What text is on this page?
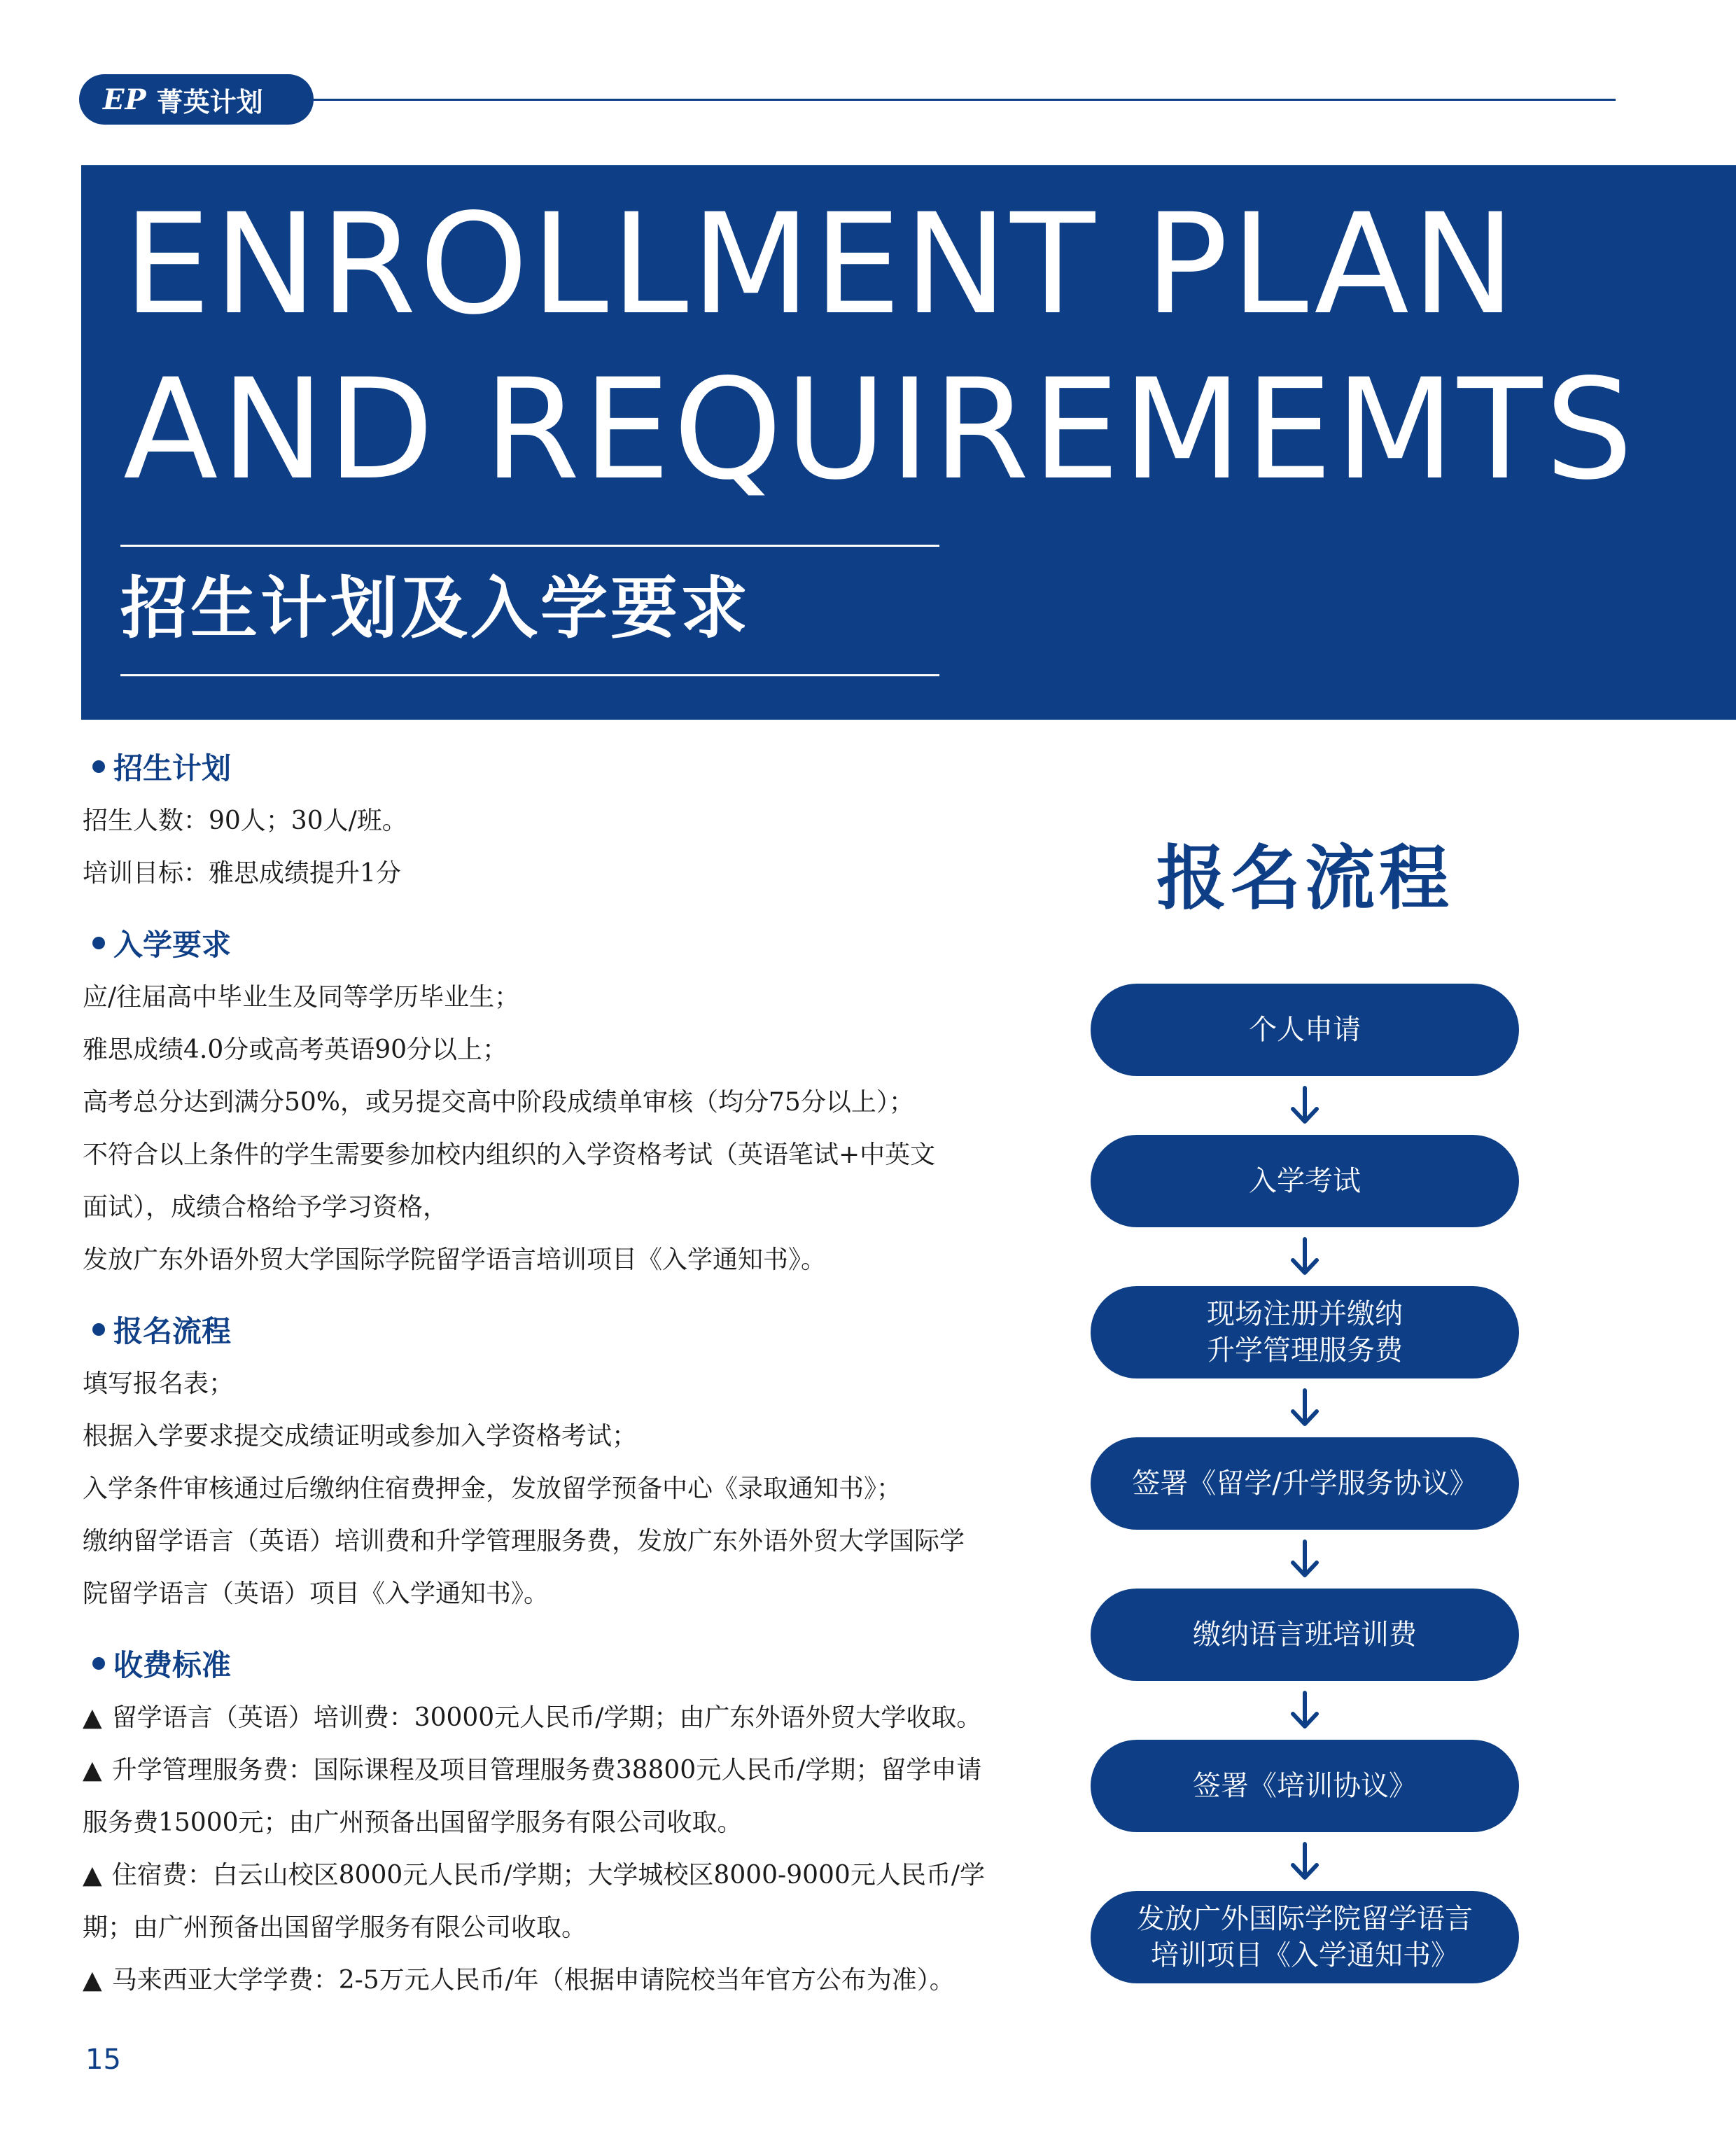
EP 菁英计划
ENROLLMENT PLAN
AND REQUIREMEMTS
招生计划及入学要求
招生计划
招生人数：90人；30人/班。
培训目标：雅思成绩提升1分
入学要求
应/往届高中毕业生及同等学历毕业生；
雅思成绩4.0分或高考英语90分以上；
高考总分达到满分50%，或另提交高中阶段成绩单审核（均分75分以上）；
不符合以上条件的学生需要参加校内组织的入学资格考试（英语笔试+中英文
面试），成绩合格给予学习资格，
发放广东外语外贸大学国际学院留学语言培训项目《入学通知书》。
报名流程
填写报名表；
根据入学要求提交成绩证明或参加入学资格考试；
入学条件审核通过后缴纳住宿费押金，发放留学预备中心《录取通知书》；
缴纳留学语言（英语）培训费和升学管理服务费，发放广东外语外贸大学国际学
院留学语言（英语）项目《入学通知书》。
收费标准
▲ 留学语言（英语）培训费：30000元人民币/学期；由广东外语外贸大学收取。
▲ 升学管理服务费：国际课程及项目管理服务费38800元人民币/学期；留学申请
服务费15000元；由广州预备出国留学服务有限公司收取。
▲ 住宿费：白云山校区8000元人民币/学期；大学城校区8000-9000元人民币/学
期；由广州预备出国留学服务有限公司收取。
▲ 马来西亚大学学费：2-5万元人民币/年（根据申请院校当年官方公布为准）。
报名流程
个人申请
入学考试
现场注册并缴纳
升学管理服务费
签署《留学/升学服务协议》
缴纳语言班培训费
签署《培训协议》
发放广外国际学院留学语言
培训项目《入学通知书》
15
